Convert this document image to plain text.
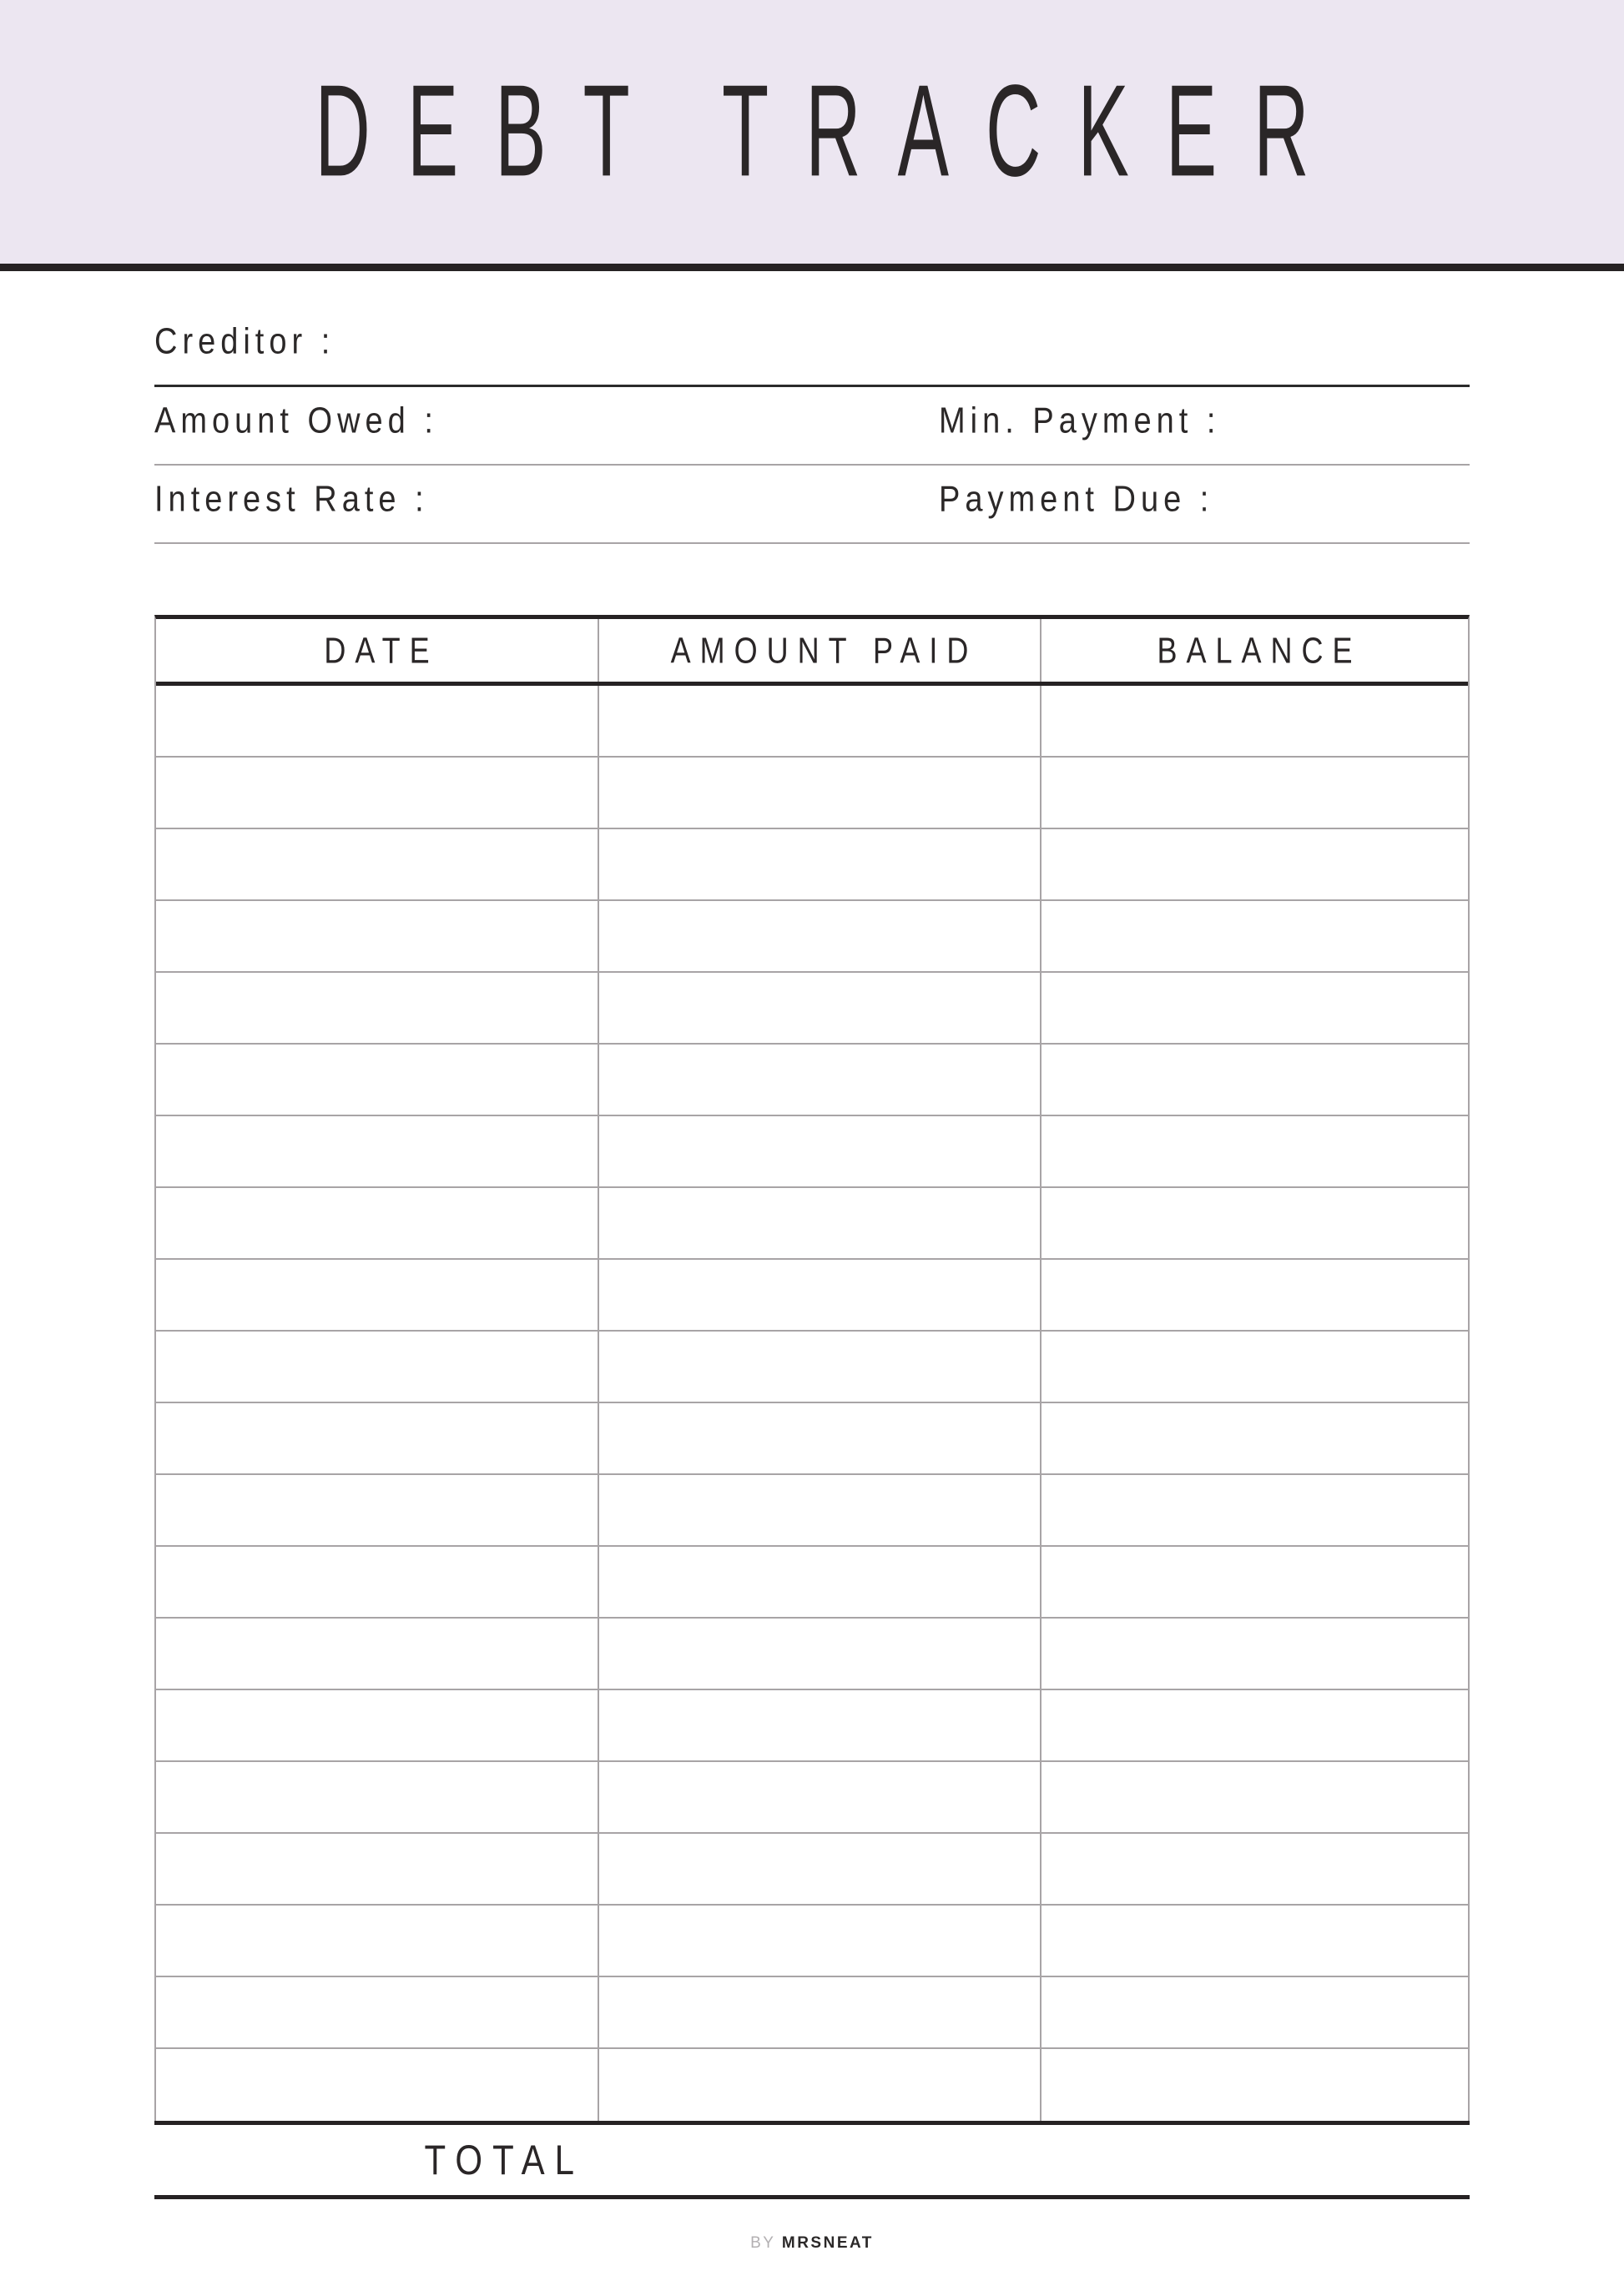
DEBT TRACKER
Creditor :
Amount Owed :	Min. Payment :
Interest Rate :	Payment Due :
DATE	AMOUNT PAID	BALANCE
TOTAL
BY MRSNEAT
